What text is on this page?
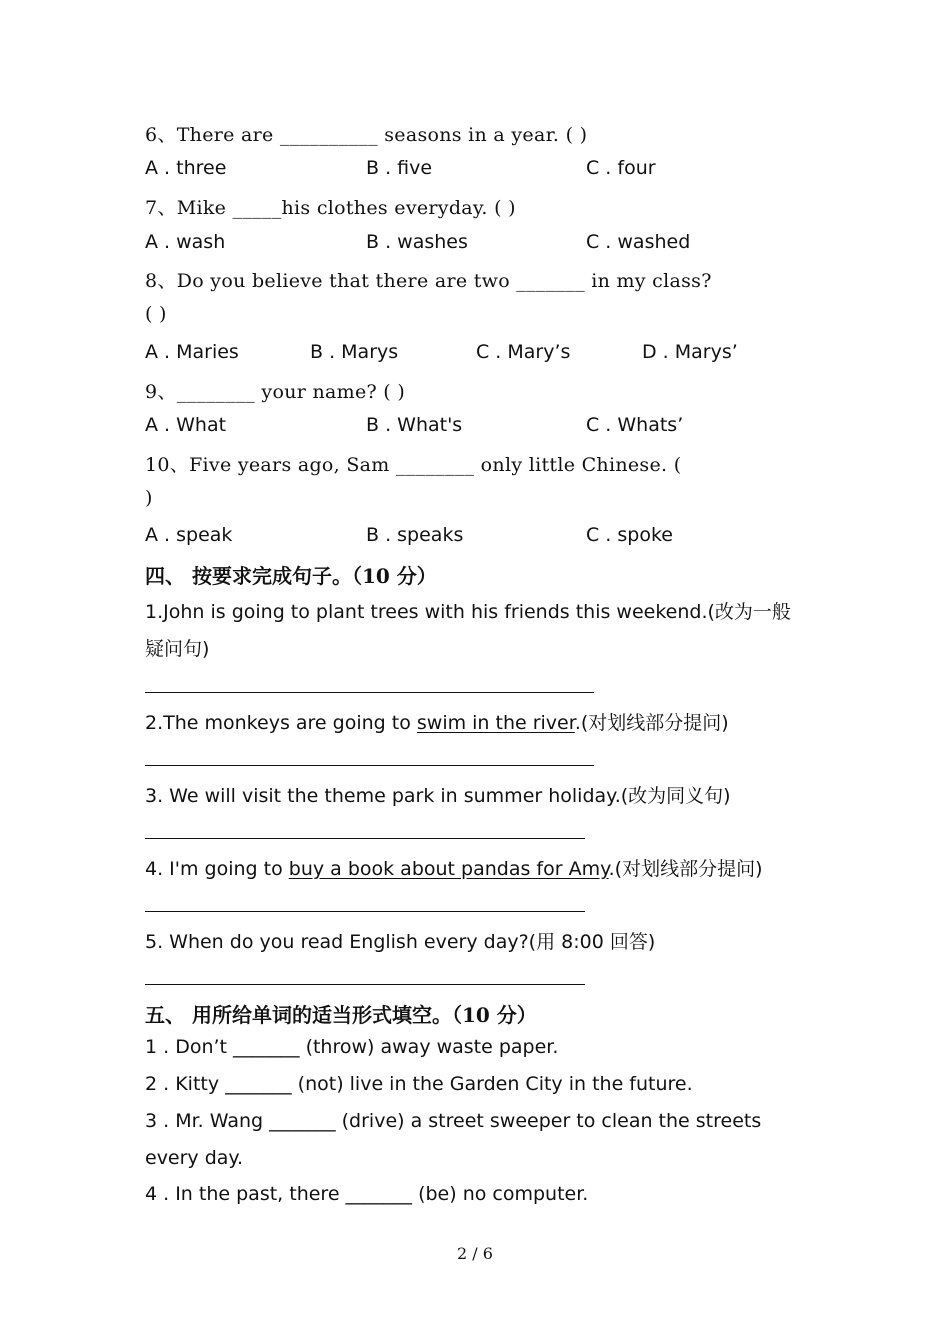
6、There are __________ seasons in a year. ( )
A . three	B . five	C . four
7、Mike _____his clothes everyday. ( )
A . wash	B . washes	C . washed
8、Do you believe that there are two _______ in my class?
( )
A . Maries	B . Marys	C . Mary’s	D . Marys’
9、________ your name? ( )
A . What	B . What's	C . Whats’
10、Five years ago, Sam ________ only little Chinese. (
)
A . speak	B . speaks	C . spoke
四、 按要求完成句子。（10 分）
1.John is going to plant trees with his friends this weekend.(改为一般
疑问句)
2.The monkeys are going to swim in the river.(对划线部分提问)
3. We will visit the theme park in summer holiday.(改为同义句)
4. I'm going to buy a book about pandas for Amy.(对划线部分提问)
5. When do you read English every day?(用 8:00 回答)
五、 用所给单词的适当形式填空。（10 分）
1 . Don’t _______ (throw) away waste paper.
2 . Kitty _______ (not) live in the Garden City in the future.
3 . Mr. Wang _______ (drive) a street sweeper to clean the streets
every day.
4 . In the past, there _______ (be) no computer.
2 / 6
